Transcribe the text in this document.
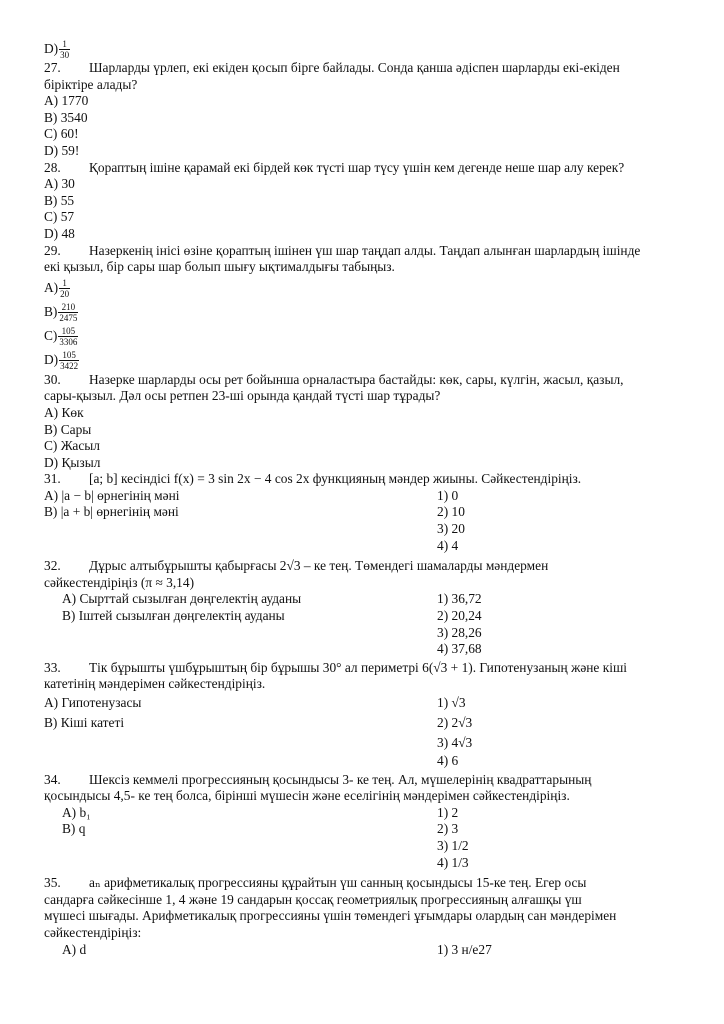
$D) \frac{1}{30}$
27. Шарларды үрлеп, екі екіден қосып бірге байлады. Сонда қанша әдіспен шарларды екі-екіден
біріктіре алады?
A) 1770
B) 3540
C) 60!
D) 59!
28. Қораптың ішіне қарамай екі бірдей көк түсті шар түсу үшін кем дегенде неше шар алу керек?
A) 30
B) 55
C) 57
D) 48
29. Назеркенің інісі өзіне қораптың ішінен үш шар таңдап алды. Таңдап алынған шарлардың ішінде
екі қызыл, бір сары шар болып шығу ықтималдығы табыңыз.
$A) \frac{1}{20}$
$B) \frac{210}{2475}$
$C) \frac{105}{3306}$
$D) \frac{105}{3422}$
30. Назерке шарларды осы рет бойынша орналастыра бастайды: көк, сары, күлгін, жасыл, қазыл,
сары-қызыл. Дәл осы ретпен 23-ші орында қандай түсті шар тұрады?
A) Көк
B) Сары
C) Жасыл
D) Қызыл
31. [a; b] кесіндісі f(x) = 3 sin 2x − 4 cos 2x функцияның мәндер жиыны. Сәйкестендіріңіз.
A) |a − b| өрнегінің мәні
B) |a + b| өрнегінің мәні
1) 0
2) 10
3) 20
4) 4
32. Дұрыс алтыбұрышты қабырғасы 2√3 – ке тең. Төмендегі шамаларды мәндермен
сәйкестендіріңіз (π ≈ 3,14)
A) Сырттай сызылған дөңгелектің ауданы
B) Іштей сызылған дөңгелектің ауданы
1) 36,72
2) 20,24
3) 28,26
4) 37,68
33. Тік бұрышты үшбұрыштың бір бұрышы 30° ал периметрі 6(√3 + 1). Гипотенузаның және кіші
катетінің мәндерімен сәйкестендіріңіз.
A) Гипотенузасы
B) Кіші катеті
1) √3
2) 2√3
3) 4√3
4) 6
34. Шексіз кеммелі прогрессияның қосындысы 3- ке тең. Ал, мүшелерінің квадраттарының
қосындысы 4,5- ке тең болса, бірінші мүшесін және еселігінің мәндерімен сәйкестендіріңіз.
A) b₁
B) q
1) 2
2) 3
3) 1/2
4) 1/3
35. aₙ арифметикалық прогрессияны құрайтын үш санның қосындысы 15-ке тең. Егер осы
сандарға сәйкесінше 1, 4 және 19 сандарын қоссақ геометриялық прогрессияның алғашқы үш
мүшесі шығады. Арифметикалық прогрессияны үшін төмендегі ұғымдары олардың сан мәндерімен
сәйкестендіріңіз:
A) d	1) 3 н/е27
